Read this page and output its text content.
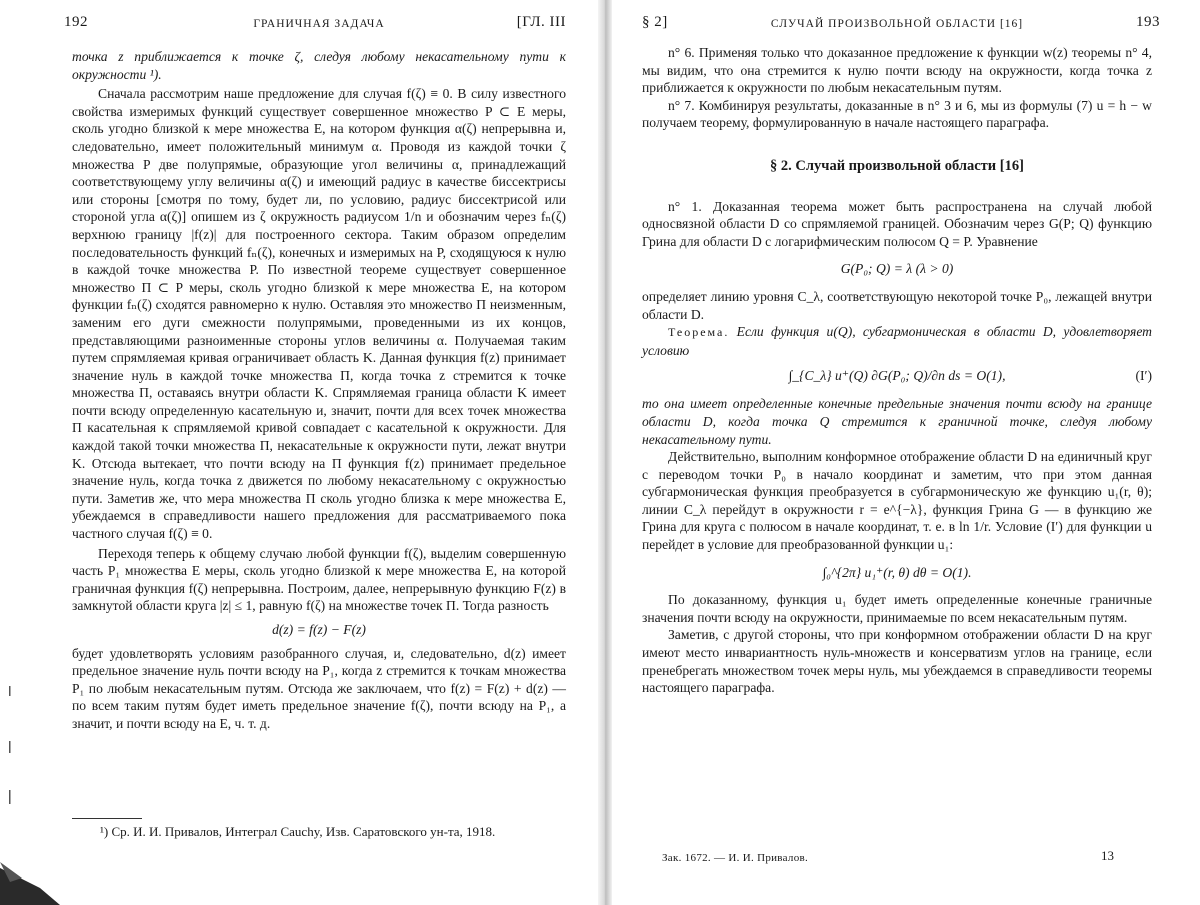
192	ГРАНИЧНАЯ ЗАДАЧА	[ГЛ. III

точка z приближается к точке ζ, следуя любому некасательному пути к окружности ¹).

Сначала рассмотрим наше предложение для случая f(ζ) ≡ 0. В силу известного свойства измеримых функций существует совершенное множество P ⊂ E меры, сколь угодно близкой к мере множества E, на котором функция α(ζ) непрерывна и, следовательно, имеет положительный минимум α. Проводя из каждой точки ζ множества P две полупрямые, образующие угол величины α, принадлежащий соответствующему углу величины α(ζ) и имеющий радиус в качестве биссектрисы или стороны [смотря по тому, будет ли, по условию, радиус биссектрисой или стороной угла α(ζ)] опишем из ζ окружность радиусом 1/n и обозначим через fₙ(ζ) верхнюю границу |f(z)| для построенного сектора. Таким образом определим последовательность функций fₙ(ζ), конечных и измеримых на P, сходящуюся к нулю в каждой точке множества P. По известной теореме существует совершенное множество Π ⊂ P меры, сколь угодно близкой к мере множества E, на котором функции fₙ(ζ) сходятся равномерно к нулю. Оставляя это множество Π неизменным, заменим его дуги смежности полупрямыми, проведенными из их концов, представляющими разноименные стороны углов величины α. Получаемая таким путем спрямляемая кривая ограничивает область K. Данная функция f(z) принимает значение нуль в каждой точке множества Π, когда точка z стремится к точке множества Π, оставаясь внутри области K. Спрямляемая граница области K имеет почти всюду определенную касательную и, значит, почти для всех точек множества Π касательная к спрямляемой кривой совпадает с касательной к окружности. Для каждой такой точки множества Π, некасательные к окружности пути, лежат внутри K. Отсюда вытекает, что почти всюду на Π функция f(z) принимает предельное значение нуль, когда точка z движется по любому некасательному с окружностью пути. Заметив же, что мера множества Π сколь угодно близка к мере множества E, убеждаемся в справедливости нашего предложения для рассматриваемого пока частного случая f(ζ) ≡ 0.

Переходя теперь к общему случаю любой функции f(ζ), выделим совершенную часть P₁ множества E меры, сколь угодно близкой к мере множества E, на которой граничная функция f(ζ) непрерывна. Построим, далее, непрерывную функцию F(z) в замкнутой области круга |z| ≤ 1, равную f(ζ) на множестве точек Π. Тогда разность

d(z) = f(z) − F(z)

будет удовлетворять условиям разобранного случая, и, следовательно, d(z) имеет предельное значение нуль почти всюду на P₁, когда z стремится к точкам множества P₁ по любым некасательным путям. Отсюда же заключаем, что f(z) = F(z) + d(z) — по всем таким путям будет иметь предельное значение f(ζ), почти всюду на P₁, а значит, и почти всюду на E, ч. т. д.

¹) Ср. И. И. Привалов, Интеграл Cauchy, Изв. Саратовского ун-та, 1918.

§ 2]	СЛУЧАЙ ПРОИЗВОЛЬНОЙ ОБЛАСТИ [16]	193

n° 6. Применяя только что доказанное предложение к функции w(z) теоремы n° 4, мы видим, что она стремится к нулю почти всюду на окружности, когда точка z приближается к окружности по любым некасательным путям.

n° 7. Комбинируя результаты, доказанные в n° 3 и 6, мы из формулы (7) u = h − w получаем теорему, формулированную в начале настоящего параграфа.

§ 2. Случай произвольной области [16]

n° 1. Доказанная теорема может быть распространена на случай любой односвязной области D со спрямляемой границей. Обозначим через G(P; Q) функцию Грина для области D с логарифмическим полюсом Q = P. Уравнение

G(P₀; Q) = λ (λ > 0)

определяет линию уровня C_λ, соответствующую некоторой точке P₀, лежащей внутри области D.

Теорема. Если функция u(Q), субгармоническая в области D, удовлетворяет условию

∫_{C_λ} u⁺(Q) ∂G(P₀; Q)/∂n ds = O(1),	(I′)

то она имеет определенные конечные предельные значения почти всюду на границе области D, когда точка Q стремится к граничной точке, следуя любому некасательному пути.

Действительно, выполним конформное отображение области D на единичный круг с переводом точки P₀ в начало координат и заметим, что при этом данная субгармоническая функция преобразуется в субгармоническую же функцию u₁(r, θ); линии C_λ перейдут в окружности r = e^{−λ}, функция Грина G — в функцию же Грина для круга с полюсом в начале координат, т. е. в ln 1/r. Условие (I′) для функции u перейдет в условие для преобразованной функции u₁:

∫₀^{2π} u₁⁺(r, θ) dθ = O(1).

По доказанному, функция u₁ будет иметь определенные конечные граничные значения почти всюду на окружности, принимаемые по всем некасательным путям.

Заметив, с другой стороны, что при конформном отображении области D на круг имеют место инвариантность нуль-множеств и консерватизм углов на границе, если пренебрегать множеством точек меры нуль, мы убеждаемся в справедливости теоремы настоящего параграфа.

Зак. 1672. — И. И. Привалов.	13
